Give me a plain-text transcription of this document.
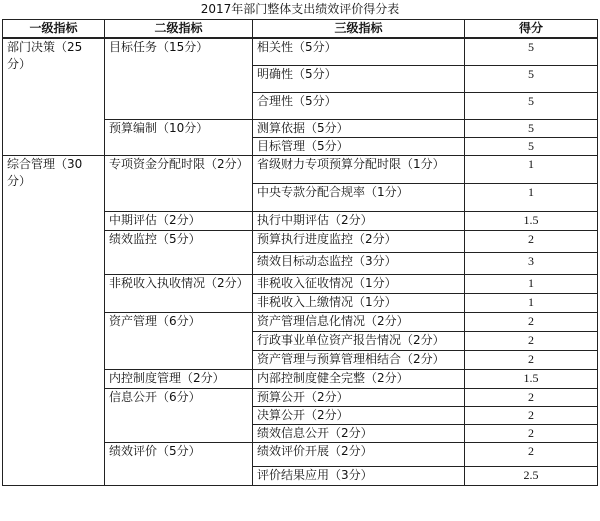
2017年部门整体支出绩效评价得分表
一级指标	二级指标	三级指标	得分

部门决策（25分）	目标任务（15分）	相关性（5分）	5
		明确性（5分）	5
		合理性（5分）	5

	预算编制（10分）	测算依据（5分）	5
		目标管理（5分）	5

综合管理（30分）	专项资金分配时限（2分）	省级财力专项预算分配时限（1分）	1
		中央专款分配合规率（1分）	1
	中期评估（2分）	执行中期评估（2分）	1.5

	绩效监控（5分）	预算执行进度监控（2分）	2
		绩效目标动态监控（3分）	3
	非税收入执收情况（2分）	非税收入征收情况（1分）	1
		非税收入上缴情况（1分）	1

	资产管理（6分）	资产管理信息化情况（2分）	2
		行政事业单位资产报告情况（2分）	2
		资产管理与预算管理相结合（2分）	2
	内控制度管理（2分）	内部控制度健全完整（2分）	1.5

	信息公开（6分）	预算公开（2分）	2
		决算公开（2分）	2
		绩效信息公开（2分）	2

	绩效评价（5分）	绩效评价开展（2分）	2
		评价结果应用（3分）	2.5
